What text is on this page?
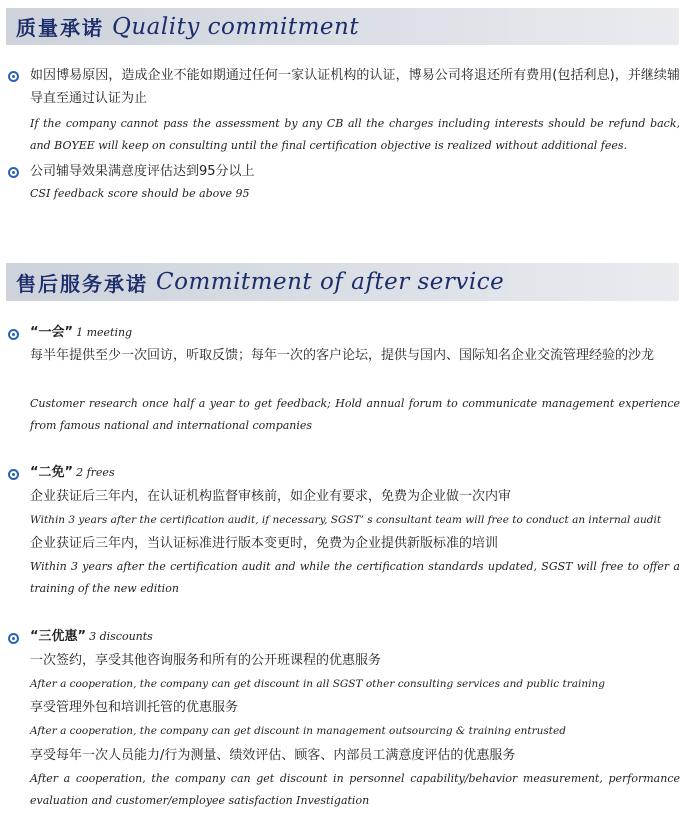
质量承诺 Quality commitment
如因博易原因，造成企业不能如期通过任何一家认证机构的认证，博易公司将退还所有费用(包括利息)，并继续辅导直至通过认证为止
If the company cannot pass the assessment by any CB all the charges including interests should be refund back, and BOYEE will keep on consulting until the final certification objective is realized without additional fees.
公司辅导效果满意度评估达到95分以上
CSI feedback score should be above 95
售后服务承诺 Commitment of after service
“一会” 1 meeting
每半年提供至少一次回访，听取反馈；每年一次的客户论坛，提供与国内、国际知名企业交流管理经验的沙龙
Customer research once half a year to get feedback; Hold annual forum to communicate management experience from famous national and international companies
“二免” 2 frees
企业获证后三年内，在认证机构监督审核前，如企业有要求，免费为企业做一次内审
Within 3 years after the certification audit, if necessary, SGST’ s consultant team will free to conduct an internal audit
企业获证后三年内，当认证标准进行版本变更时，免费为企业提供新版标准的培训
Within 3 years after the certification audit and while the certification standards updated, SGST will free to offer a training of the new edition
“三优惠” 3 discounts
一次签约，享受其他咨询服务和所有的公开班课程的优惠服务
After a cooperation, the company can get discount in all SGST other consulting services and public training
享受管理外包和培训托管的优惠服务
After a cooperation, the company can get discount in management outsourcing & training entrusted
享受每年一次人员能力/行为测量、绩效评估、顾客、内部员工满意度评估的优惠服务
After a cooperation, the company can get discount in personnel capability/behavior measurement, performance evaluation and customer/employee satisfaction Investigation
